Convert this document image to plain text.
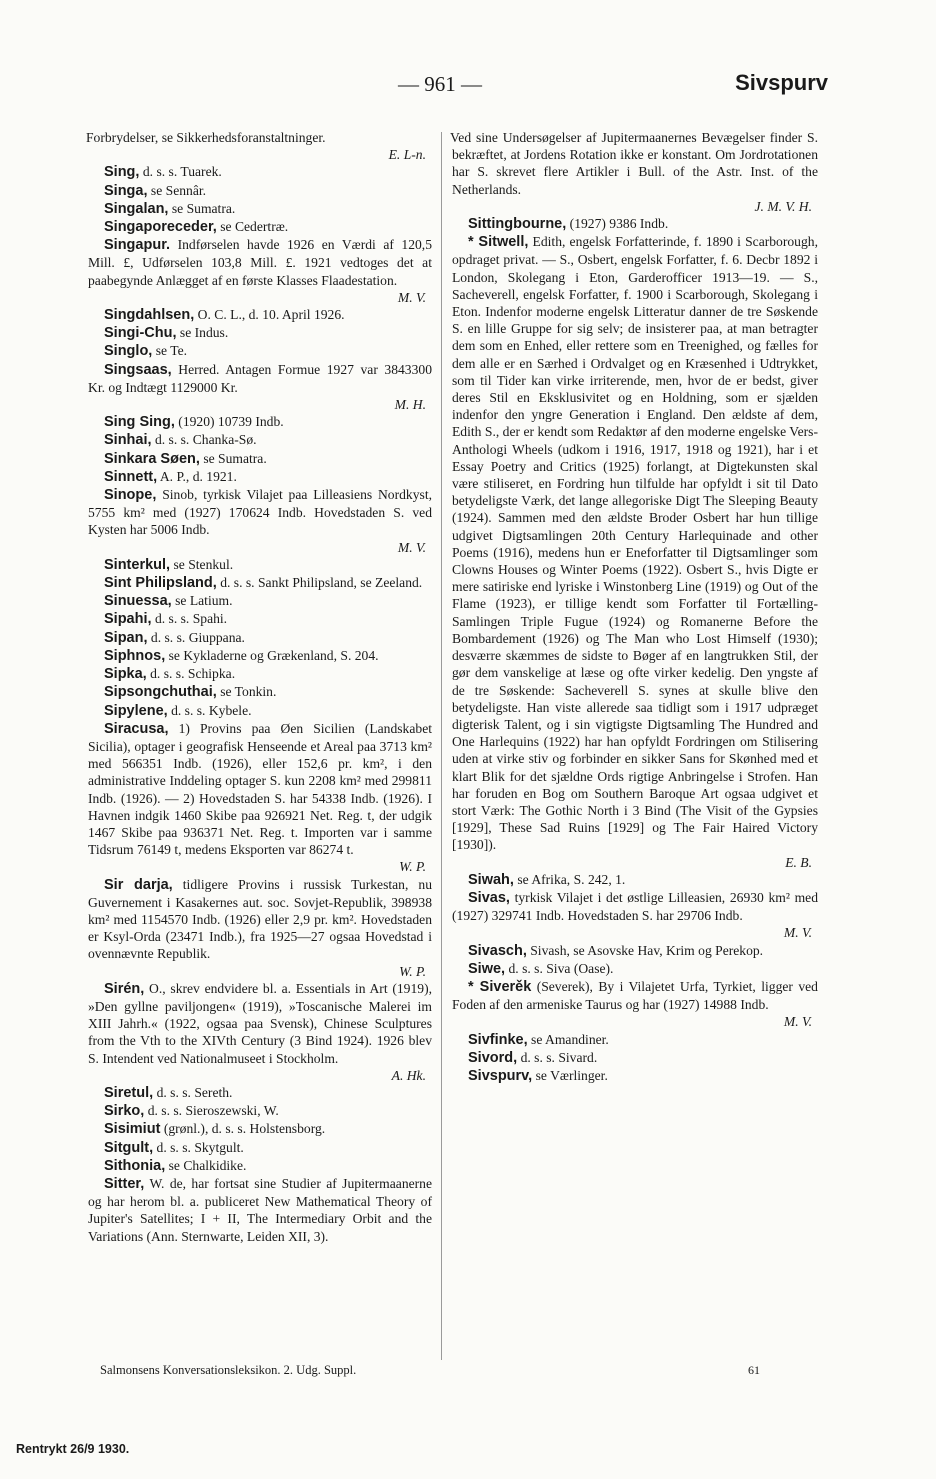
— 961 —	Sivspurv

Forbrydelser, se Sikkerhedsforanstaltninger.
E. L-n.

Sing, d. s. s. Tuarek.

Singa, se Sennâr.

Singalan, se Sumatra.

Singaporeceder, se Cedertræ.

Singapur. Indførselen havde 1926 en Værdi af 120,5 Mill. £, Udførselen 103,8 Mill. £. 1921 vedtoges det at paabegynde Anlægget af en første Klasses Flaadestation.
M. V.

Singdahlsen, O. C. L., d. 10. April 1926.

Singi-Chu, se Indus.

Singlo, se Te.

Singsaas, Herred. Antagen Formue 1927 var 3843300 Kr. og Indtægt 1129000 Kr.
M. H.

Sing Sing, (1920) 10739 Indb.

Sinhai, d. s. s. Chanka-Sø.

Sinkara Søen, se Sumatra.

Sinnett, A. P., d. 1921.

Sinope, Sinob, tyrkisk Vilajet paa Lilleasiens Nordkyst, 5755 km² med (1927) 170624 Indb. Hovedstaden S. ved Kysten har 5006 Indb.
M. V.

Sinterkul, se Stenkul.

Sint Philipsland, d. s. s. Sankt Philipsland, se Zeeland.

Sinuessa, se Latium.

Sipahi, d. s. s. Spahi.

Sipan, d. s. s. Giuppana.

Siphnos, se Kykladerne og Grækenland, S. 204.

Sipka, d. s. s. Schipka.

Sipsongchuthai, se Tonkin.

Sipylene, d. s. s. Kybele.

Siracusa, 1) Provins paa Øen Sicilien (Landskabet Sicilia), optager i geografisk Henseende et Areal paa 3713 km² med 566351 Indb. (1926), eller 152,6 pr. km², i den administrative Inddeling optager S. kun 2208 km² med 299811 Indb. (1926). — 2) Hovedstaden S. har 54338 Indb. (1926). I Havnen indgik 1460 Skibe paa 926921 Net. Reg. t, der udgik 1467 Skibe paa 936371 Net. Reg. t. Importen var i samme Tidsrum 76149 t, medens Eksporten var 86274 t.
W. P.

Sir darja, tidligere Provins i russisk Turkestan, nu Guvernement i Kasakernes aut. soc. Sovjet-Republik, 398938 km² med 1154570 Indb. (1926) eller 2,9 pr. km². Hovedstaden er Ksyl-Orda (23471 Indb.), fra 1925—27 ogsaa Hovedstad i ovennævnte Republik.
W. P.

Sirén, O., skrev endvidere bl. a. Essentials in Art (1919), »Den gyllne paviljongen« (1919), »Toscanische Malerei im XIII Jahrh.« (1922, ogsaa paa Svensk), Chinese Sculptures from the Vth to the XIVth Century (3 Bind 1924). 1926 blev S. Intendent ved Nationalmuseet i Stockholm.
A. Hk.

Siretul, d. s. s. Sereth.

Sirko, d. s. s. Sieroszewski, W.

Sisimiut (grønl.), d. s. s. Holstensborg.

Sitgult, d. s. s. Skytgult.

Sithonia, se Chalkidike.

Sitter, W. de, har fortsat sine Studier af Jupitermaanerne og har herom bl. a. publiceret New Mathematical Theory of Jupiter's Satellites; I + II, The Intermediary Orbit and the Variations (Ann. Sternwarte, Leiden XII, 3).

Ved sine Undersøgelser af Jupitermaanernes Bevægelser finder S. bekræftet, at Jordens Rotation ikke er konstant. Om Jordrotationen har S. skrevet flere Artikler i Bull. of the Astr. Inst. of the Netherlands.
J. M. V. H.

Sittingbourne, (1927) 9386 Indb.

* Sitwell, Edith, engelsk Forfatterinde, f. 1890 i Scarborough, opdraget privat. — S., Osbert, engelsk Forfatter, f. 6. Decbr 1892 i London, Skolegang i Eton, Garderofficer 1913—19. — S., Sacheverell, engelsk Forfatter, f. 1900 i Scarborough, Skolegang i Eton. Indenfor moderne engelsk Litteratur danner de tre Søskende S. en lille Gruppe for sig selv; de insisterer paa, at man betragter dem som en Enhed, eller rettere som en Treenighed, og fælles for dem alle er en Særhed i Ordvalget og en Kræsenhed i Udtrykket, som til Tider kan virke irriterende, men, hvor de er bedst, giver deres Stil en Eksklusivitet og en Holdning, som er sjælden indenfor den yngre Generation i England. Den ældste af dem, Edith S., der er kendt som Redaktør af den moderne engelske Vers-Anthologi Wheels (udkom i 1916, 1917, 1918 og 1921), har i et Essay Poetry and Critics (1925) forlangt, at Digtekunsten skal være stiliseret, en Fordring hun tilfulde har opfyldt i sit til Dato betydeligste Værk, det lange allegoriske Digt The Sleeping Beauty (1924). Sammen med den ældste Broder Osbert har hun tillige udgivet Digtsamlingen 20th Century Harlequinade and other Poems (1916), medens hun er Eneforfatter til Digtsamlinger som Clowns Houses og Winter Poems (1922). Osbert S., hvis Digte er mere satiriske end lyriske i Winstonberg Line (1919) og Out of the Flame (1923), er tillige kendt som Forfatter til Fortælling-Samlingen Triple Fugue (1924) og Romanerne Before the Bombardement (1926) og The Man who Lost Himself (1930); desværre skæmmes de sidste to Bøger af en langtrukken Stil, der gør dem vanskelige at læse og ofte virker kedelig. Den yngste af de tre Søskende: Sacheverell S. synes at skulle blive den betydeligste. Han viste allerede saa tidligt som i 1917 udpræget digterisk Talent, og i sin vigtigste Digtsamling The Hundred and One Harlequins (1922) har han opfyldt Fordringen om Stilisering uden at virke stiv og forbinder en sikker Sans for Skønhed med et klart Blik for det sjældne Ords rigtige Anbringelse i Strofen. Han har foruden en Bog om Southern Baroque Art ogsaa udgivet et stort Værk: The Gothic North i 3 Bind (The Visit of the Gypsies [1929], These Sad Ruins [1929] og The Fair Haired Victory [1930]).
E. B.

Siwah, se Afrika, S. 242, 1.

Sivas, tyrkisk Vilajet i det østlige Lilleasien, 26930 km² med (1927) 329741 Indb. Hovedstaden S. har 29706 Indb.
M. V.

Sivasch, Sivash, se Asovske Hav, Krim og Perekop.

Siwe, d. s. s. Siva (Oase).

* Siverěk (Severek), By i Vilajetet Urfa, Tyrkiet, ligger ved Foden af den armeniske Taurus og har (1927) 14988 Indb.
M. V.

Sivfinke, se Amandiner.

Sivord, d. s. s. Sivard.

Sivspurv, se Værlinger.

Salmonsens Konversationsleksikon. 2. Udg. Suppl.	61
Rentrykt 26/9 1930.
